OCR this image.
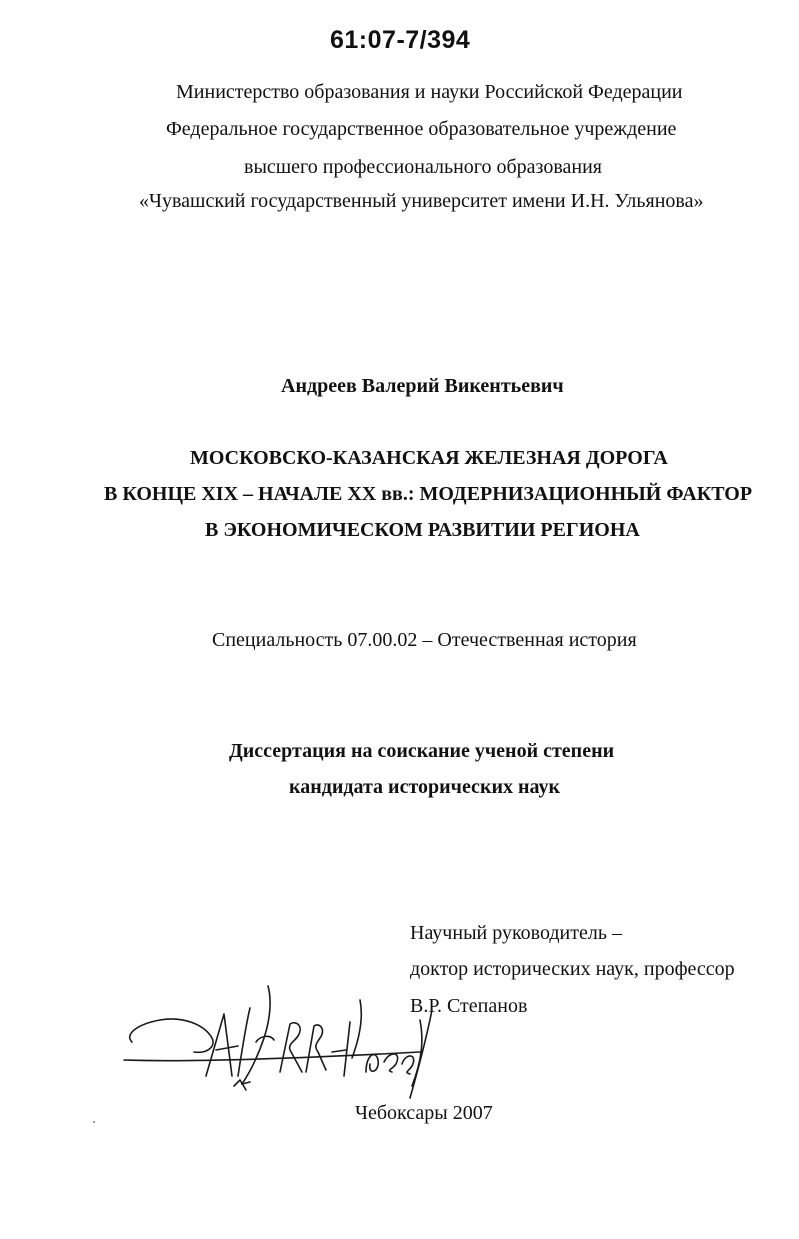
61:07-7/394
Министерство образования и науки Российской Федерации
Федеральное государственное образовательное учреждение
высшего профессионального образования
«Чувашский государственный университет имени И.Н. Ульянова»
Андреев Валерий Викентьевич
МОСКОВСКО-КАЗАНСКАЯ ЖЕЛЕЗНАЯ ДОРОГА
В КОНЦЕ XIX – НАЧАЛЕ XX вв.: МОДЕРНИЗАЦИОННЫЙ ФАКТОР
В ЭКОНОМИЧЕСКОМ РАЗВИТИИ РЕГИОНА
Специальность 07.00.02 – Отечественная история
Диссертация на соискание ученой степени
кандидата исторических наук
Научный руководитель –
доктор исторических наук, профессор
В.Р. Степанов
Чебоксары 2007
